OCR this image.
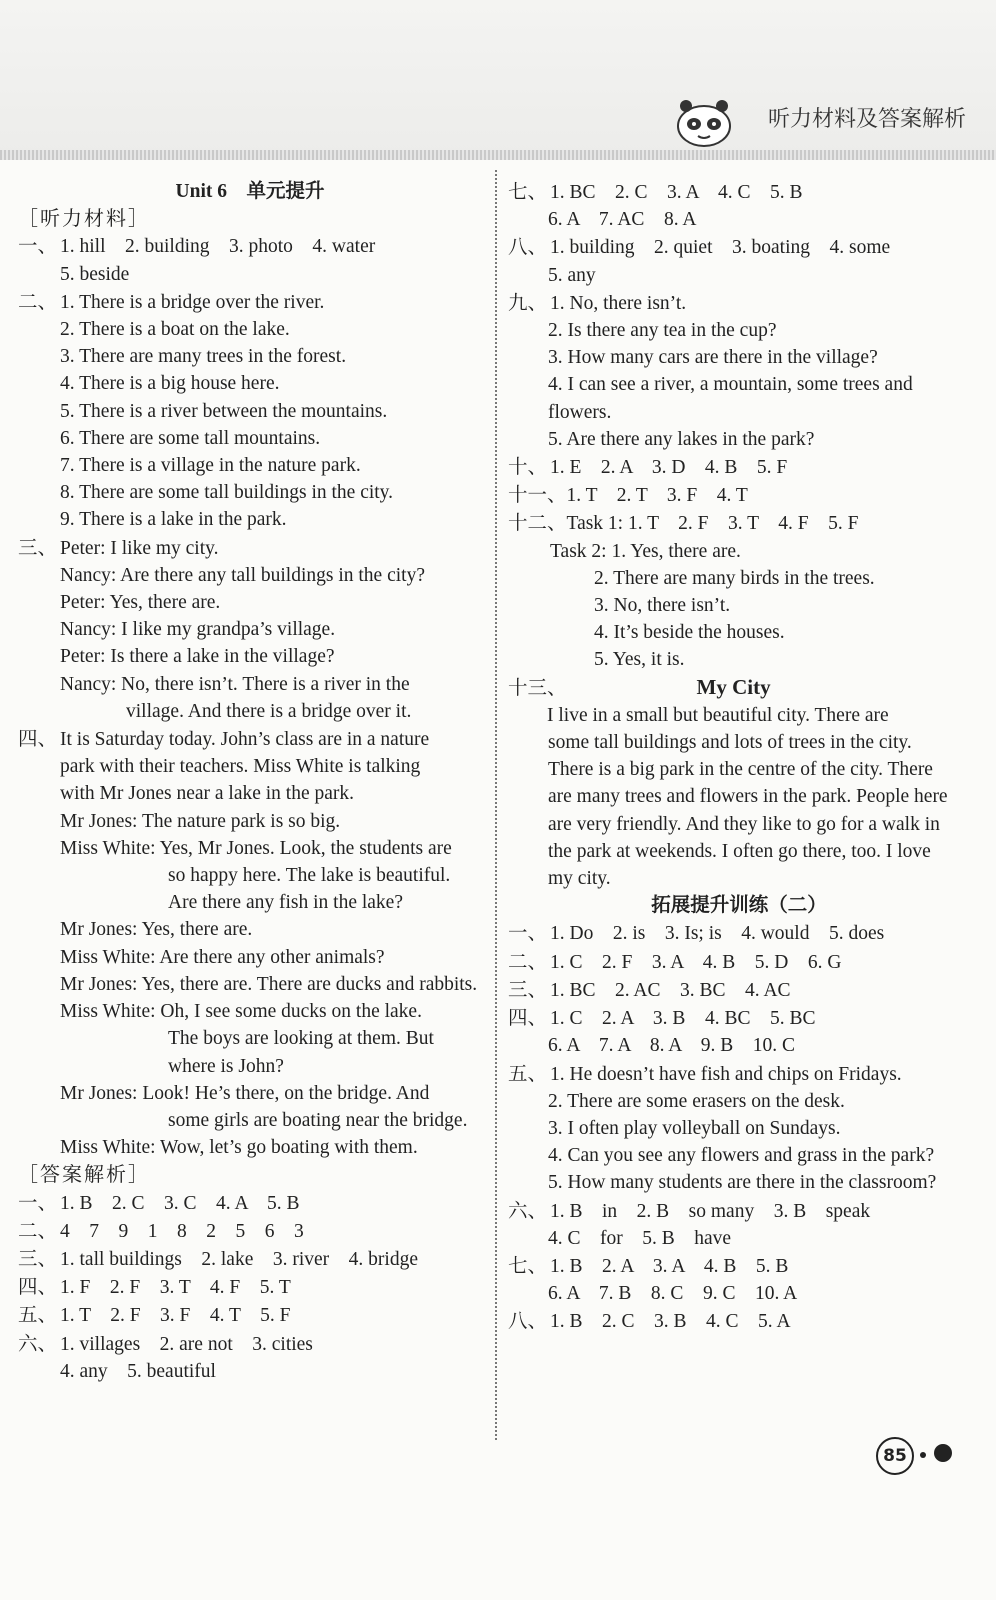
听力材料及答案解析
Unit 6　单元提升
［听力材料］
一、 1. hill　2. building　3. photo　4. water
5. beside
二、 1. There is a bridge over the river.
2. There is a boat on the lake.
3. There are many trees in the forest.
4. There is a big house here.
5. There is a river between the mountains.
6. There are some tall mountains.
7. There is a village in the nature park.
8. There are some tall buildings in the city.
9. There is a lake in the park.
三、 Peter: I like my city.
Nancy: Are there any tall buildings in the city?
Peter: Yes, there are.
Nancy: I like my grandpa’s village.
Peter: Is there a lake in the village?
Nancy: No, there isn’t. There is a river in the
village. And there is a bridge over it.
四、 It is Saturday today. John’s class are in a nature
park with their teachers. Miss White is talking
with Mr Jones near a lake in the park.
Mr Jones: The nature park is so big.
Miss White: Yes, Mr Jones. Look, the students are
so happy here. The lake is beautiful.
Are there any fish in the lake?
Mr Jones: Yes, there are.
Miss White: Are there any other animals?
Mr Jones: Yes, there are. There are ducks and rabbits.
Miss White: Oh, I see some ducks on the lake.
The boys are looking at them. But
where is John?
Mr Jones: Look! He’s there, on the bridge. And
some girls are boating near the bridge.
Miss White: Wow, let’s go boating with them.
［答案解析］
一、 1. B　2. C　3. C　4. A　5. B
二、 4　7　9　1　8　2　5　6　3
三、 1. tall buildings　2. lake　3. river　4. bridge
四、 1. F　2. F　3. T　4. F　5. T
五、 1. T　2. F　3. F　4. T　5. F
六、 1. villages　2. are not　3. cities
4. any　5. beautiful
七、 1. BC　2. C　3. A　4. C　5. B
6. A　7. AC　8. A
八、 1. building　2. quiet　3. boating　4. some
5. any
九、 1. No, there isn’t.
2. Is there any tea in the cup?
3. How many cars are there in the village?
4. I can see a river, a mountain, some trees and
flowers.
5. Are there any lakes in the park?
十、 1. E　2. A　3. D　4. B　5. F
十一、1. T　2. T　3. F　4. T
十二、Task 1: 1. T　2. F　3. T　4. F　5. F
Task 2: 1. Yes, there are.
2. There are many birds in the trees.
3. No, there isn’t.
4. It’s beside the houses.
5. Yes, it is.
十三、	My City
　　I live in a small but beautiful city. There are
some tall buildings and lots of trees in the city.
There is a big park in the centre of the city. There
are many trees and flowers in the park. People here
are very friendly. And they like to go for a walk in
the park at weekends. I often go there, too. I love
my city.
拓展提升训练（二）
一、 1. Do　2. is　3. Is; is　4. would　5. does
二、 1. C　2. F　3. A　4. B　5. D　6. G
三、 1. BC　2. AC　3. BC　4. AC
四、 1. C　2. A　3. B　4. BC　5. BC
6. A　7. A　8. A　9. B　10. C
五、 1. He doesn’t have fish and chips on Fridays.
2. There are some erasers on the desk.
3. I often play volleyball on Sundays.
4. Can you see any flowers and grass in the park?
5. How many students are there in the classroom?
六、 1. B　in　2. B　so many　3. B　speak
4. C　for　5. B　have
七、 1. B　2. A　3. A　4. B　5. B
6. A　7. B　8. C　9. C　10. A
八、 1. B　2. C　3. B　4. C　5. A
85
